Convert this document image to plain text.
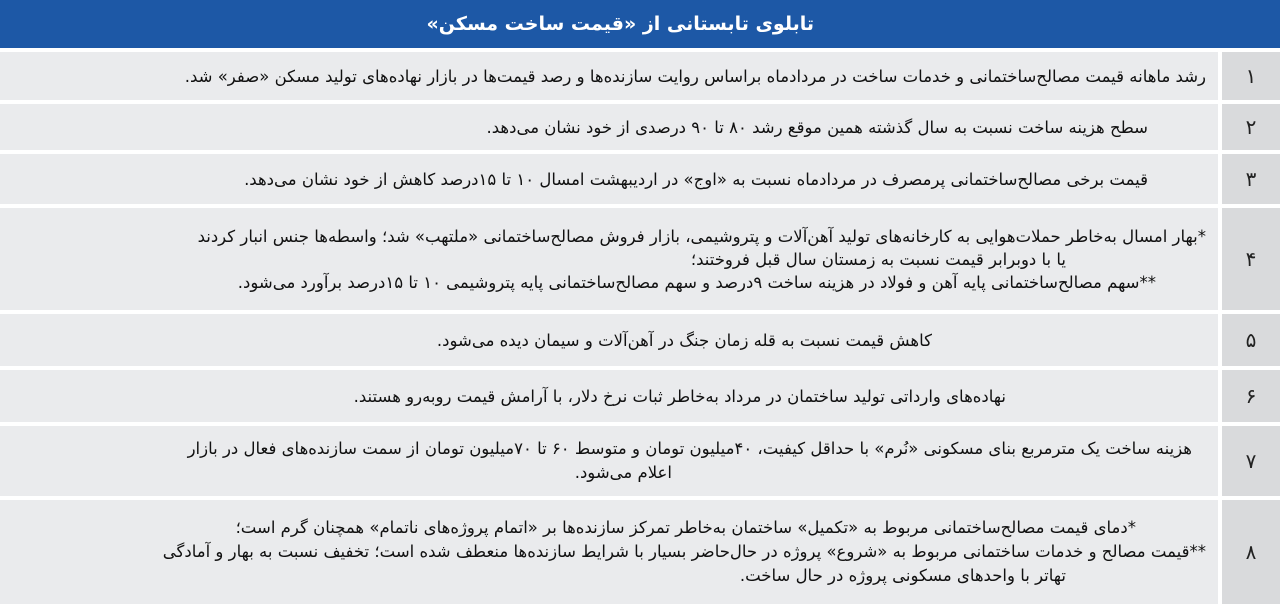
تابلوی تابستانی از «قیمت ساخت مسکن»
۱
رشد ماهانه قیمت مصالح‌ساختمانی و خدمات ساخت در مردادماه براساس روایت سازنده‌ها و رصد قیمت‌ها در بازار نهاده‌های تولید مسکن «صفر» شد.
۲
سطح هزینه ساخت نسبت به سال گذشته همین موقع رشد ۸۰ تا ۹۰ درصدی از خود نشان می‌دهد.
۳
قیمت برخی مصالح‌ساختمانی پرمصرف در مردادماه نسبت به «اوج» در اردیبهشت امسال ۱۰ تا ۱۵درصد کاهش از خود نشان می‌دهد.
۴
*بهار امسال به‌خاطر حملات‌هوایی به کارخانه‌های تولید آهن‌آلات و پتروشیمی، بازار فروش مصالح‌ساختمانی «ملتهب» شد؛ واسطه‌ها جنس انبار کردند
یا با دوبرابر قیمت نسبت به زمستان سال قبل فروختند؛
**سهم مصالح‌ساختمانی پایه آهن و فولاد در هزینه ساخت ۹درصد و سهم مصالح‌ساختمانی پایه پتروشیمی ۱۰ تا ۱۵درصد برآورد می‌شود.
۵
کاهش قیمت نسبت به قله زمان جنگ در آهن‌آلات و سیمان دیده می‌شود.
۶
نهاده‌های وارداتی تولید ساختمان در مرداد به‌خاطر ثبات نرخ دلار، با آرامش قیمت روبه‌رو هستند.
۷
هزینه ساخت یک مترمربع بنای مسکونی «نُرم» با حداقل کیفیت، ۴۰میلیون تومان و متوسط ۶۰ تا ۷۰میلیون تومان از سمت سازنده‌های فعال در بازار
اعلام می‌شود.
۸
*دمای قیمت مصالح‌ساختمانی مربوط به «تکمیل» ساختمان به‌خاطر تمرکز سازنده‌ها بر «اتمام پروژه‌های ناتمام» همچنان گرم است؛
**قیمت مصالح و خدمات ساختمانی مربوط به «شروع» پروژه در حال‌حاضر بسیار با شرایط سازنده‌ها منعطف شده است؛ تخفیف نسبت به بهار و آمادگی
تهاتر با واحدهای مسکونی پروژه در حال ساخت.
